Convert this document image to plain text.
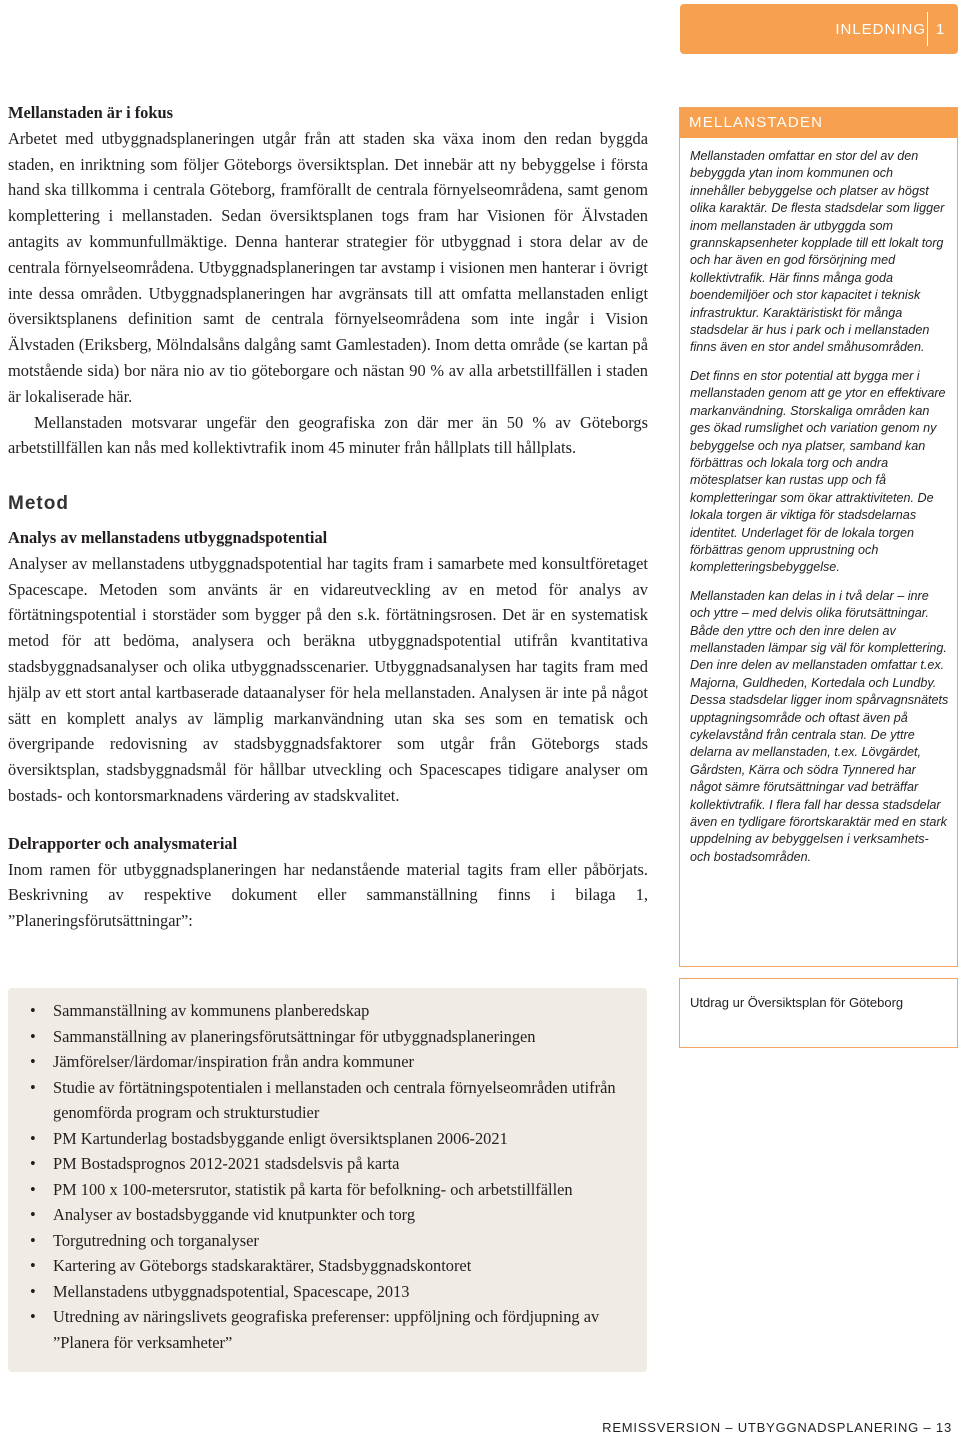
INLEDNING 1

Mellanstaden är i fokus

Arbetet med utbyggnadsplaneringen utgår från att staden ska växa inom den redan byggda staden, en inriktning som följer Göteborgs översiktsplan. Det innebär att ny bebyggelse i första hand ska tillkomma i centrala Göteborg, framförallt de centrala förnyelseområdena, samt genom komplettering i mellanstaden. Sedan översiktsplanen togs fram har Visionen för Älvstaden antagits av kommunfullmäktige. Denna hanterar strategier för utbyggnad i stora delar av de centrala förnyelseområdena. Utbyggnadsplaneringen tar avstamp i visionen men hanterar i övrigt inte dessa områden. Utbyggnadsplaneringen har avgränsats till att omfatta mellanstaden enligt översiktsplanens definition samt de centrala förnyelseområdena som inte ingår i Vision Älvstaden (Eriksberg, Mölndalsåns dalgång samt Gamlestaden). Inom detta område (se kartan på motstående sida) bor nära nio av tio göteborgare och nästan 90 % av alla arbetstillfällen i staden är lokaliserade här.

Mellanstaden motsvarar ungefär den geografiska zon där mer än 50 % av Göteborgs arbetstillfällen kan nås med kollektivtrafik inom 45 minuter från hållplats till hållplats.

Metod

Analys av mellanstadens utbyggnadspotential

Analyser av mellanstadens utbyggnadspotential har tagits fram i samarbete med konsultföretaget Spacescape. Metoden som använts är en vidareutveckling av en metod för analys av förtätningspotential i storstäder som bygger på den s.k. förtätningsrosen. Det är en systematisk metod för att bedöma, analysera och beräkna utbyggnadspotential utifrån kvantitativa stadsbyggnadsanalyser och olika utbyggnadsscenarier. Utbyggnadsanalysen har tagits fram med hjälp av ett stort antal kartbaserade dataanalyser för hela mellanstaden. Analysen är inte på något sätt en komplett analys av lämplig markanvändning utan ska ses som en tematisk och övergripande redovisning av stadsbyggnadsfaktorer som utgår från Göteborgs stads översiktsplan, stadsbyggnadsmål för hållbar utveckling och Spacescapes tidigare analyser om bostads- och kontorsmarknadens värdering av stadskvalitet.

Delrapporter och analysmaterial

Inom ramen för utbyggnadsplaneringen har nedanstående material tagits fram eller påbörjats. Beskrivning av respektive dokument eller sammanställning finns i bilaga 1, ”Planeringsförutsättningar”:

• Sammanställning av kommunens planberedskap
• Sammanställning av planeringsförutsättningar för utbyggnadsplaneringen
• Jämförelser/lärdomar/inspiration från andra kommuner
• Studie av förtätningspotentialen i mellanstaden och centrala förnyelseområden utifrån genomförda program och strukturstudier
• PM Kartunderlag bostadsbyggande enligt översiktsplanen 2006-2021
• PM Bostadsprognos 2012-2021 stadsdelsvis på karta
• PM 100 x 100-metersrutor, statistik på karta för befolkning- och arbetstillfällen
• Analyser av bostadsbyggande vid knutpunkter och torg
• Torgutredning och torganalyser
• Kartering av Göteborgs stadskaraktärer, Stadsbyggnadskontoret
• Mellanstadens utbyggnadspotential, Spacescape, 2013
• Utredning av näringslivets geografiska preferenser: uppföljning och fördjupning av ”Planera för verksamheter”
MELLANSTADEN

Mellanstaden omfattar en stor del av den bebyggda ytan inom kommunen och innehåller bebyggelse och platser av högst olika karaktär. De flesta stadsdelar som ligger inom mellanstaden är utbyggda som grannskapsenheter kopplade till ett lokalt torg och har även en god försörjning med kollektivtrafik. Här finns många goda boendemiljöer och stor kapacitet i teknisk infrastruktur. Karaktäristiskt för många stadsdelar är hus i park och i mellanstaden finns även en stor andel småhusområden.

Det finns en stor potential att bygga mer i mellanstaden genom att ge ytor en effektivare markanvändning. Storskaliga områden kan ges ökad rumslighet och variation genom ny bebyggelse och nya platser, samband kan förbättras och lokala torg och andra mötesplatser kan rustas upp och få kompletteringar som ökar attraktiviteten. De lokala torgen är viktiga för stadsdelarnas identitet. Underlaget för de lokala torgen förbättras genom upprustning och kompletteringsbebyggelse.

Mellanstaden kan delas in i två delar – inre och yttre – med delvis olika förutsättningar. Både den yttre och den inre delen av mellanstaden lämpar sig väl för komplettering. Den inre delen av mellanstaden omfattar t.ex. Majorna, Guldheden, Kortedala och Lundby. Dessa stadsdelar ligger inom spårvagnsnätets upptagningsområde och oftast även på cykelavstånd från centrala stan. De yttre delarna av mellanstaden, t.ex. Lövgärdet, Gårdsten, Kärra och södra Tynnered har något sämre förutsättningar vad beträffar kollektivtrafik. I flera fall har dessa stadsdelar även en tydligare förortskaraktär med en stark uppdelning av bebyggelsen i verksamhets- och bostadsområden.

Utdrag ur Översiktsplan för Göteborg
REMISSVERSION – UTBYGGNADSPLANERING – 13
